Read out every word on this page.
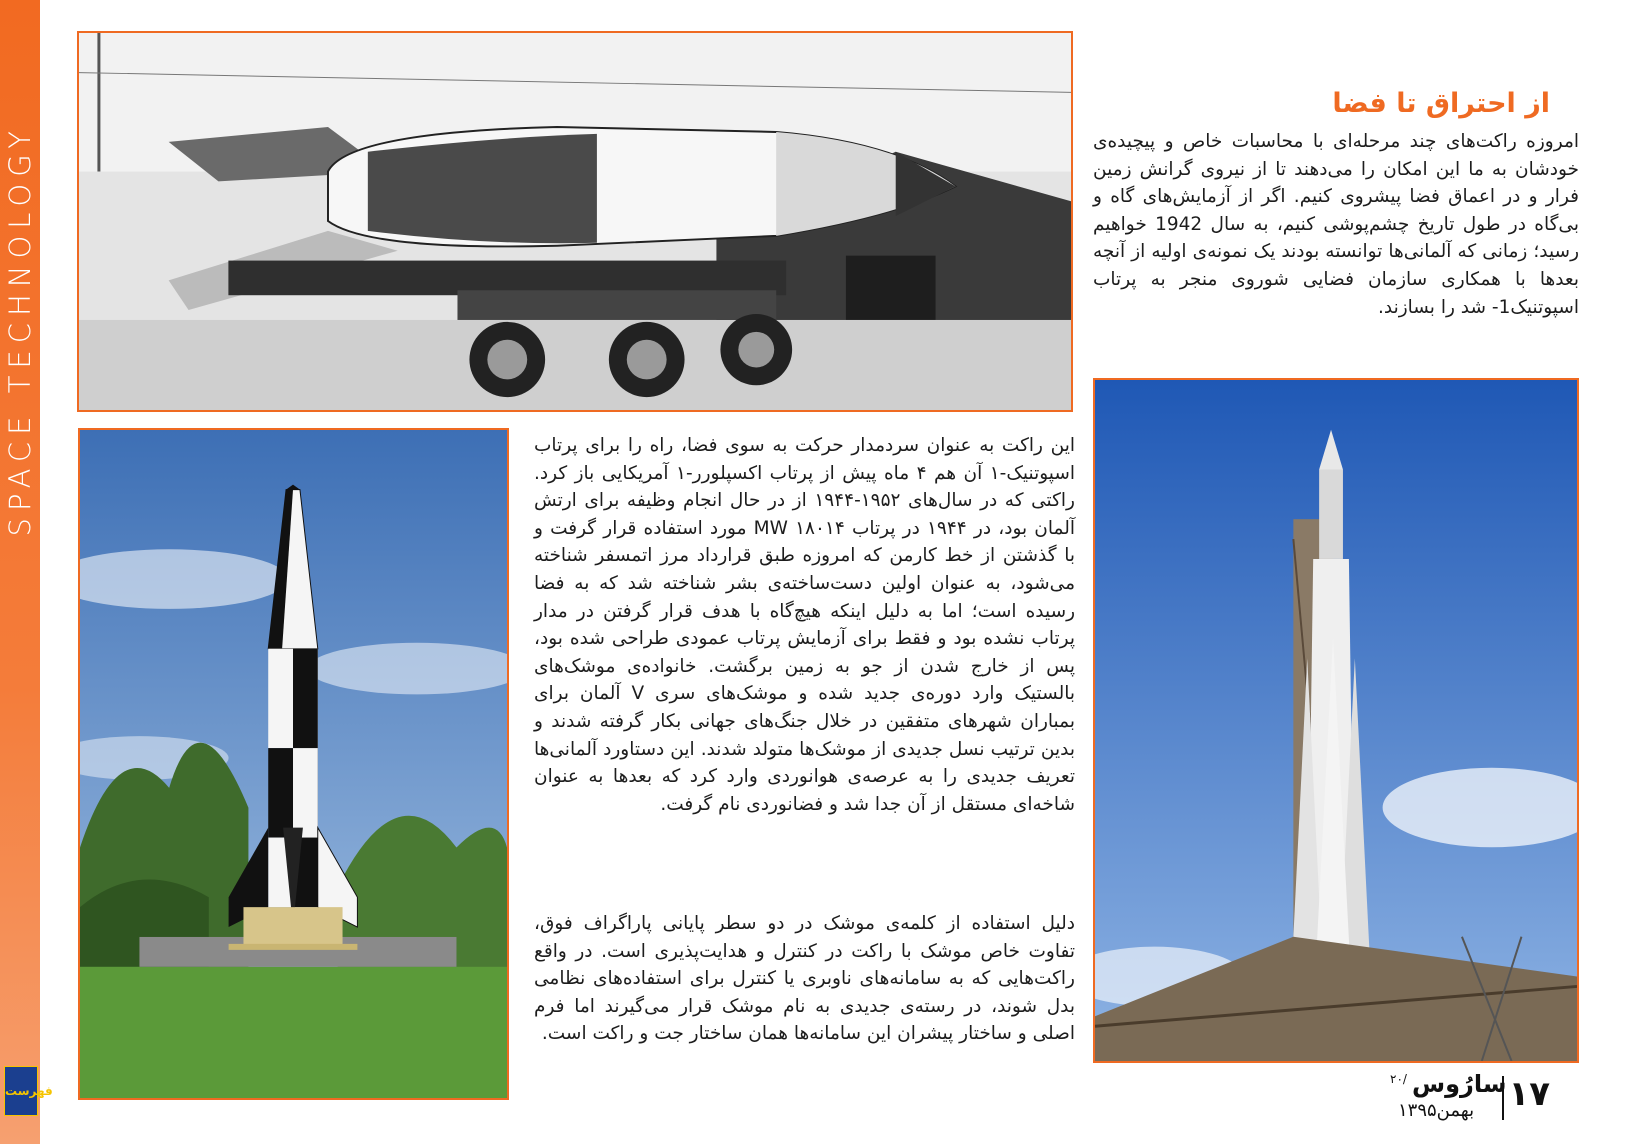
SPACE TECHNOLOGY
فهرست
از احتراق تا فضا

امروزه راکت‌های چند مرحله‌ای با محاسبات خاص و پیچیده‌ی خودشان به ما این امکان را می‌دهند تا از نیروی گرانش زمین فرار و در اعماق فضا پیشروی کنیم. اگر از آزمایش‌های گاه و بی‌گاه در طول تاریخ چشم‌پوشی کنیم، به سال 1942 خواهیم رسید؛ زمانی که آلمانی‌ها توانسته بودند یک نمونه‌ی اولیه از آنچه بعدها با همکاری سازمان فضایی شوروی منجر به پرتاب اسپوتنیک1- شد را بسازند.

این راکت به عنوان سردمدار حرکت به سوی فضا، راه را برای پرتاب اسپوتنیک-۱ آن هم ۴ ماه پیش از پرتاب اکسپلورر-۱ آمریکایی باز کرد. راکتی که در سال‌های ۱۹۵۲-۱۹۴۴ از در حال انجام وظیفه برای ارتش آلمان بود، در ۱۹۴۴ در پرتاب MW ۱۸۰۱۴ مورد استفاده قرار گرفت و با گذشتن از خط کارمن که امروزه طبق قرارداد مرز اتمسفر شناخته می‌شود، به عنوان اولین دست‌ساخته‌ی بشر شناخته شد که به فضا رسیده است؛ اما به دلیل اینکه هیچ‌گاه با هدف قرار گرفتن در مدار پرتاب نشده بود و فقط برای آزمایش پرتاب عمودی طراحی شده بود، پس از خارج شدن از جو به زمین برگشت. خانواده‌ی موشک‌های بالستیک وارد دوره‌ی جدید شده و موشک‌های سری V آلمان برای بمباران شهرهای متفقین در خلال جنگ‌های جهانی بکار گرفته شدند و بدین ترتیب نسل جدیدی از موشک‌ها متولد شدند. این دستاورد آلمانی‌ها تعریف جدیدی را به عرصه‌ی هوانوردی وارد کرد که بعدها به عنوان شاخه‌ای مستقل از آن جدا شد و فضانوردی نام گرفت.

دلیل استفاده از کلمه‌ی موشک در دو سطر پایانی پاراگراف فوق، تفاوت خاص موشک با راکت در کنترل و هدایت‌پذیری است. در واقع راکت‌هایی که به سامانه‌های ناوبری یا کنترل برای استفاده‌های نظامی بدل شوند، در رسته‌ی جدیدی به نام موشک قرار می‌گیرند اما فرم اصلی و ساختار پیشران این سامانه‌ها همان ساختار جت و راکت است.

۱۷
سارُوس
۲۰/
بهمن۱۳۹۵
